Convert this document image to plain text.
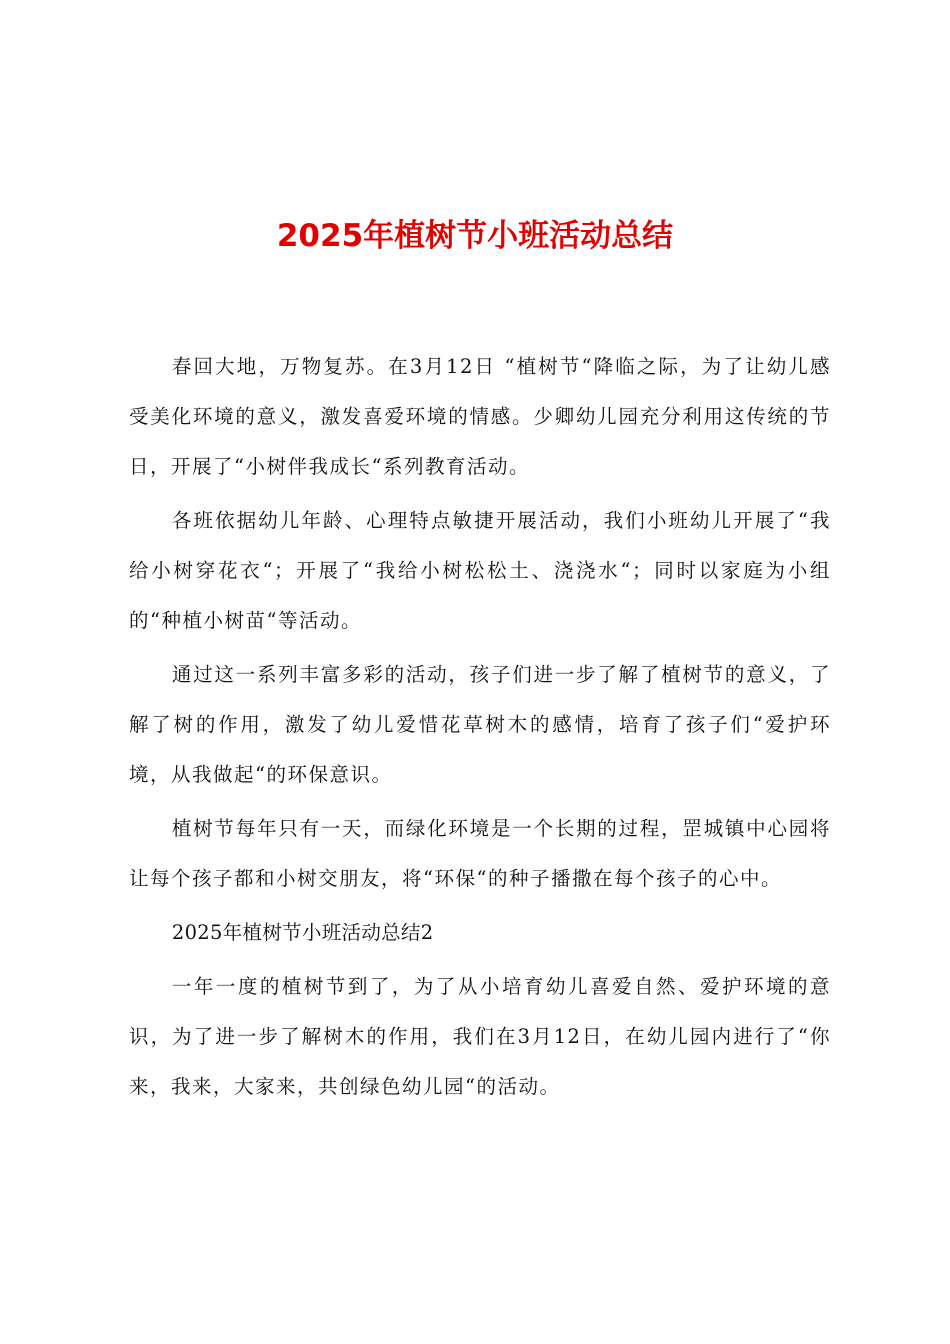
2025年植树节小班活动总结

春回大地，万物复苏。在3月12日 “植树节“降临之际，为了让幼儿感受美化环境的意义，激发喜爱环境的情感。少卿幼儿园充分利用这传统的节日，开展了“小树伴我成长“系列教育活动。

各班依据幼儿年龄、心理特点敏捷开展活动，我们小班幼儿开展了“我给小树穿花衣“；开展了“我给小树松松土、浇浇水“；同时以家庭为小组的“种植小树苗“等活动。

通过这一系列丰富多彩的活动，孩子们进一步了解了植树节的意义，了解了树的作用，激发了幼儿爱惜花草树木的感情，培育了孩子们“爱护环境，从我做起“的环保意识。

植树节每年只有一天，而绿化环境是一个长期的过程，罡城镇中心园将让每个孩子都和小树交朋友，将“环保“的种子播撒在每个孩子的心中。

2025年植树节小班活动总结2

一年一度的植树节到了，为了从小培育幼儿喜爱自然、爱护环境的意识，为了进一步了解树木的作用，我们在3月12日，在幼儿园内进行了“你来，我来，大家来，共创绿色幼儿园“的活动。
